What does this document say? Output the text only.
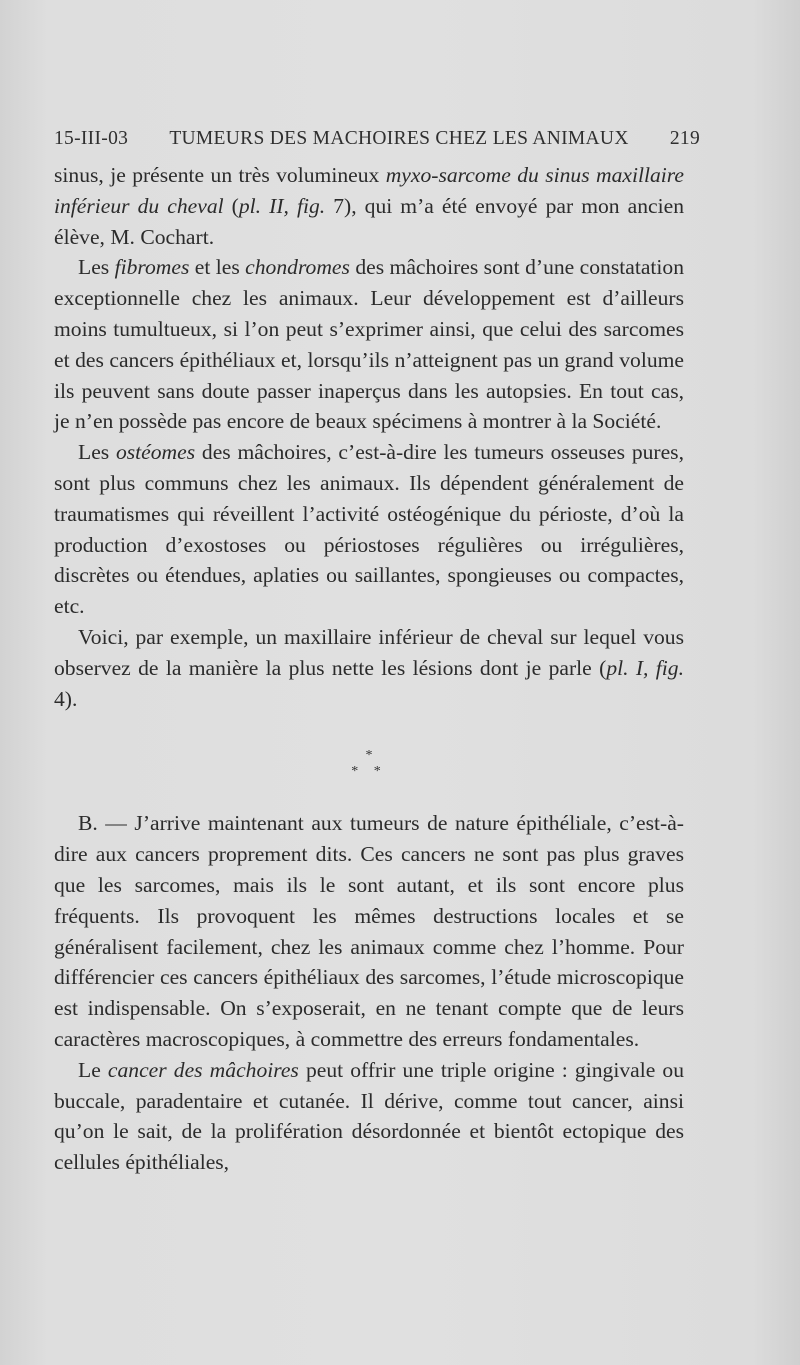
15-III-03 TUMEURS DES MACHOIRES CHEZ LES ANIMAUX 219

sinus, je présente un très volumineux myxo-sarcome du sinus maxillaire inférieur du cheval (pl. II, fig. 7), qui m’a été envoyé par mon ancien élève, M. Cochart.

Les fibromes et les chondromes des mâchoires sont d’une constatation exceptionnelle chez les animaux. Leur développement est d’ailleurs moins tumultueux, si l’on peut s’exprimer ainsi, que celui des sarcomes et des cancers épithéliaux et, lorsqu’ils n’atteignent pas un grand volume ils peuvent sans doute passer inaperçus dans les autopsies. En tout cas, je n’en possède pas encore de beaux spécimens à montrer à la Société.

Les ostéomes des mâchoires, c’est-à-dire les tumeurs osseuses pures, sont plus communs chez les animaux. Ils dépendent généralement de traumatismes qui réveillent l’activité ostéogénique du périoste, d’où la production d’exostoses ou périostoses régulières ou irrégulières, discrètes ou étendues, aplaties ou saillantes, spongieuses ou compactes, etc.

Voici, par exemple, un maxillaire inférieur de cheval sur lequel vous observez de la manière la plus nette les lésions dont je parle (pl. I, fig. 4).

*
* *

B. — J’arrive maintenant aux tumeurs de nature épithéliale, c’est-à-dire aux cancers proprement dits. Ces cancers ne sont pas plus graves que les sarcomes, mais ils le sont autant, et ils sont encore plus fréquents. Ils provoquent les mêmes destructions locales et se généralisent facilement, chez les animaux comme chez l’homme. Pour différencier ces cancers épithéliaux des sarcomes, l’étude microscopique est indispensable. On s’exposerait, en ne tenant compte que de leurs caractères macroscopiques, à commettre des erreurs fondamentales.

Le cancer des mâchoires peut offrir une triple origine : gingivale ou buccale, paradentaire et cutanée. Il dérive, comme tout cancer, ainsi qu’on le sait, de la prolifération désordonnée et bientôt ectopique des cellules épithéliales,
